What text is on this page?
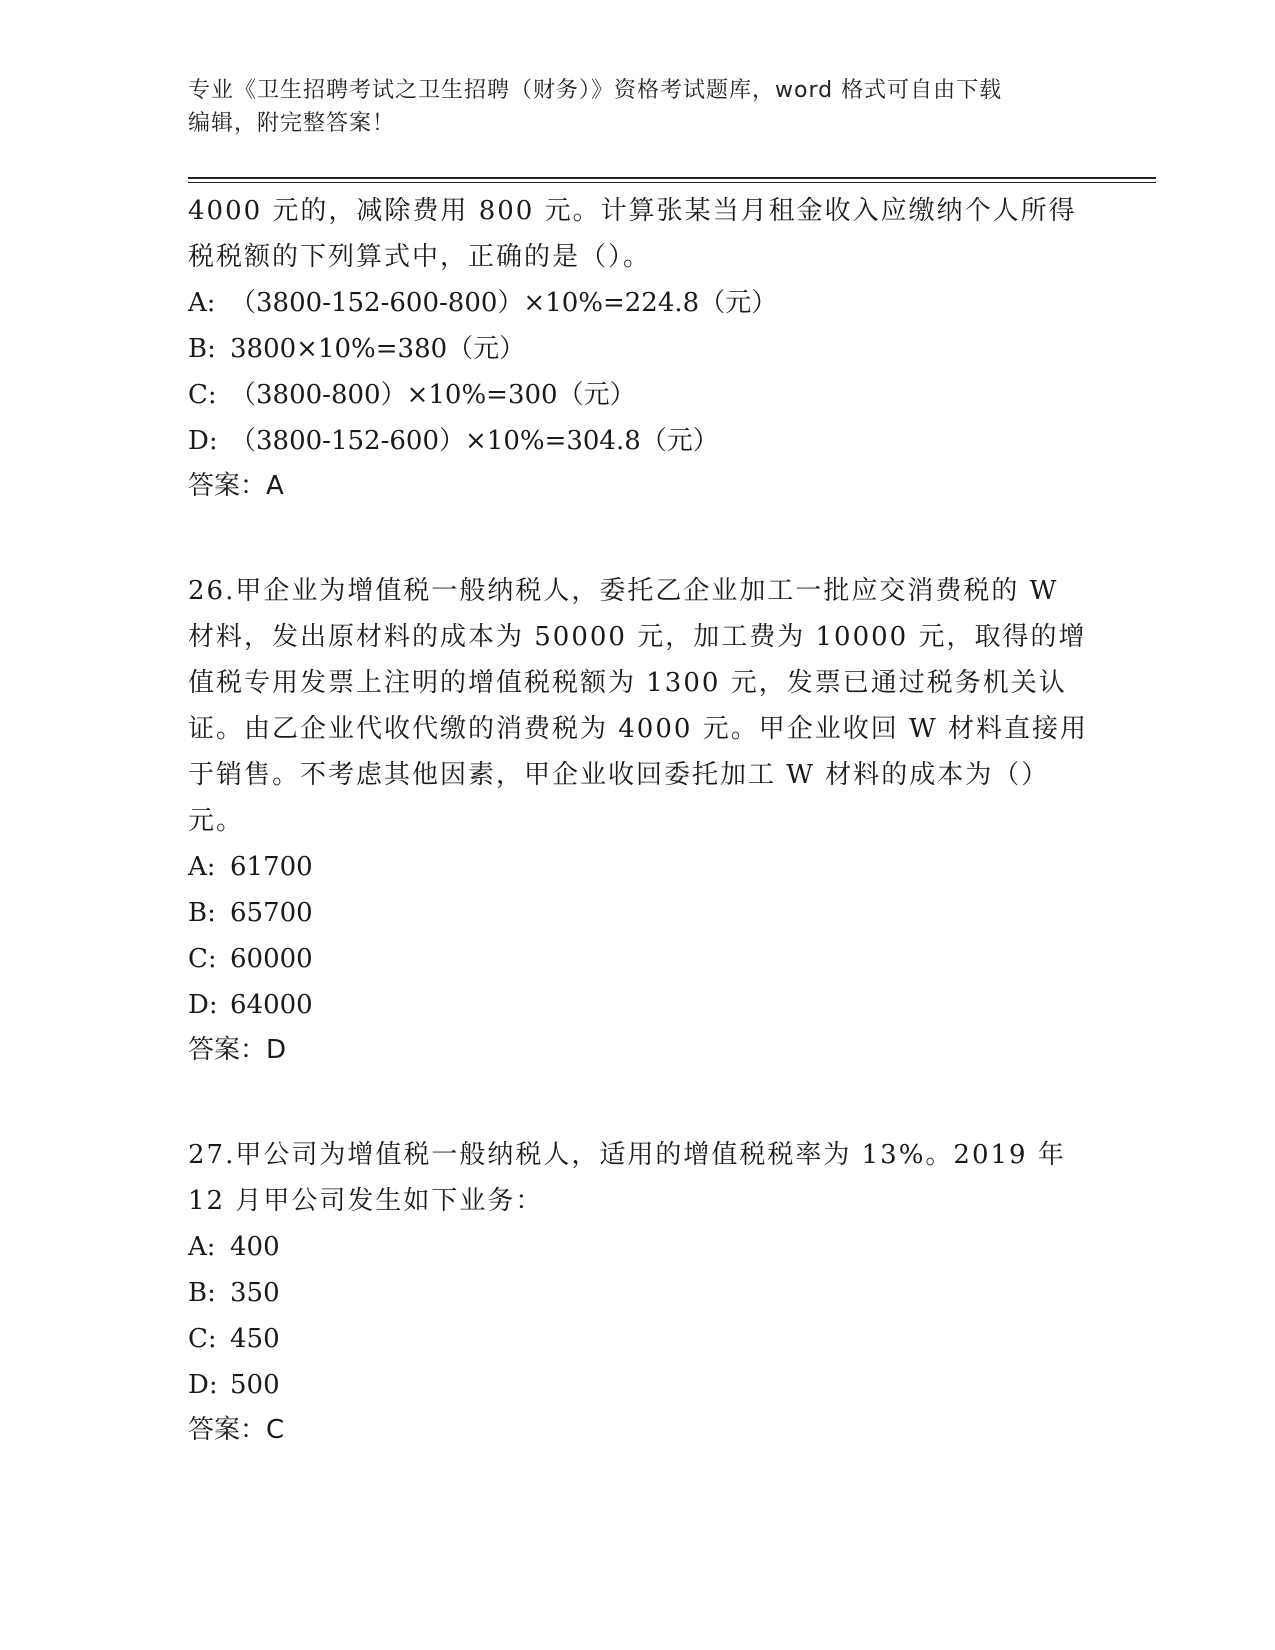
专业《卫生招聘考试之卫生招聘（财务）》资格考试题库，word 格式可自由下载
编辑，附完整答案！
4000 元的，减除费用 800 元。计算张某当月租金收入应缴纳个人所得
税税额的下列算式中，正确的是（）。
A: （3800-152-600-800）×10%=224.8（元）
B: 3800×10%=380（元）
C: （3800-800）×10%=300（元）
D: （3800-152-600）×10%=304.8（元）
答案：A
26.甲企业为增值税一般纳税人，委托乙企业加工一批应交消费税的 W
材料，发出原材料的成本为 50000 元，加工费为 10000 元，取得的增
值税专用发票上注明的增值税税额为 1300 元，发票已通过税务机关认
证。由乙企业代收代缴的消费税为 4000 元。甲企业收回 W 材料直接用
于销售。不考虑其他因素，甲企业收回委托加工 W 材料的成本为（）
元。
A: 61700
B: 65700
C: 60000
D: 64000
答案：D
27.甲公司为增值税一般纳税人，适用的增值税税率为 13%。2019 年
12 月甲公司发生如下业务：
A: 400
B: 350
C: 450
D: 500
答案：C
